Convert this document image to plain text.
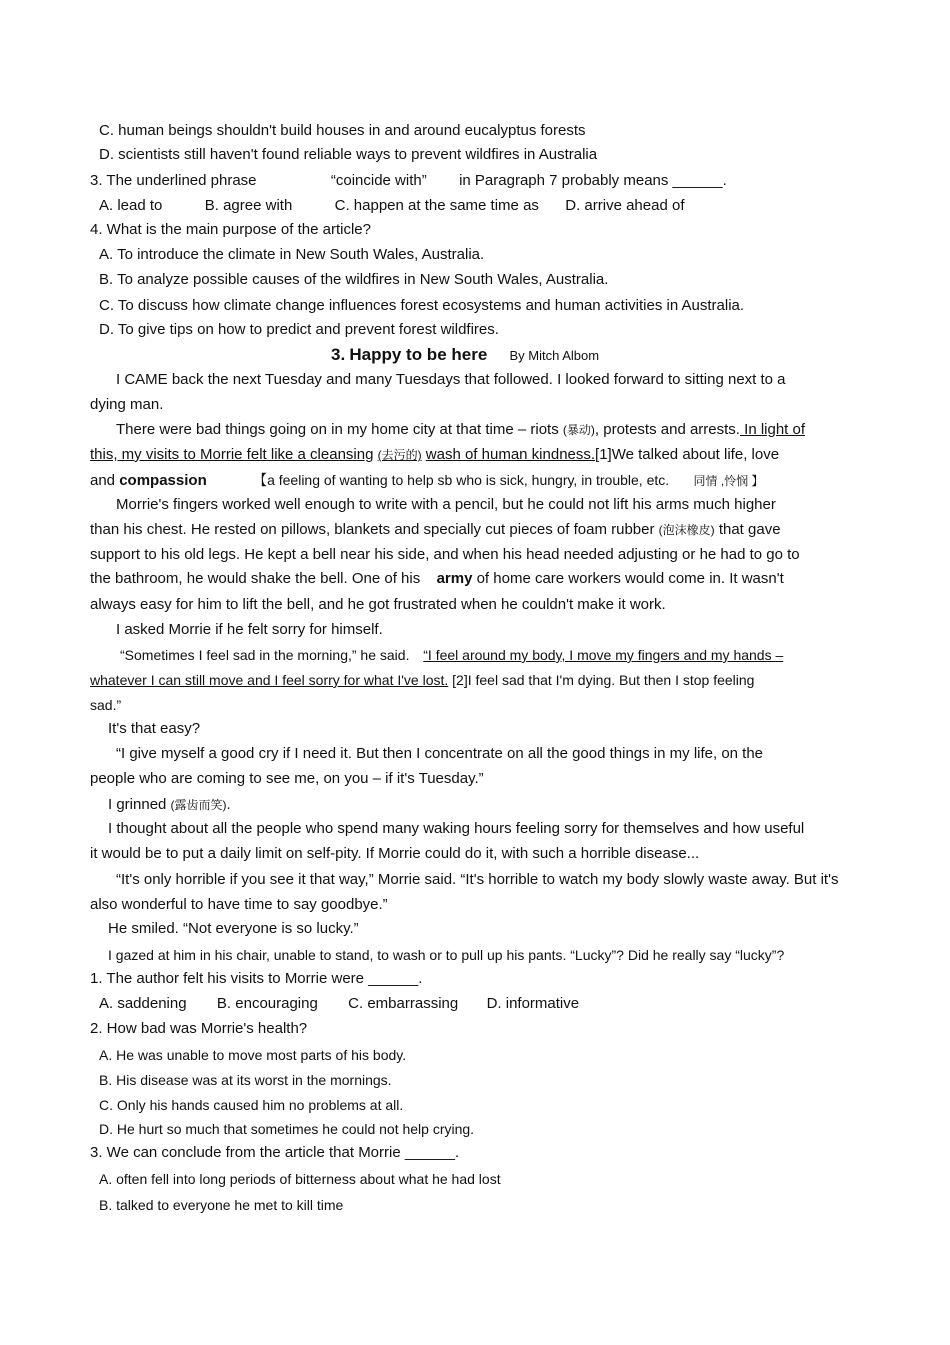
C. human beings shouldn't build houses in and around eucalyptus forests
D. scientists still haven't found reliable ways to prevent wildfires in Australia
3. The underlined phrase	“coincide with” in Paragraph 7 probably means ______.
A. lead to	B. agree with	C. happen at the same time as D. arrive ahead of
4. What is the main purpose of the article?
A. To introduce the climate in New South Wales, Australia.
B. To analyze possible causes of the wildfires in New South Wales, Australia.
C. To discuss how climate change influences forest ecosystems and human activities in Australia.
D. To give tips on how to predict and prevent forest wildfires.
3. Happy to be here By Mitch Albom
I CAME back the next Tuesday and many Tuesdays that followed. I looked forward to sitting next to a
dying man.
There were bad things going on in my home city at that time – riots (暴动), protests and arrests. In light of
this, my visits to Morrie felt like a cleansing (去污的) wash of human kindness.[1]We talked about life, love
and compassion	【a feeling of wanting to help sb who is sick, hungry, in trouble, etc. 同情 ,怜悯 】
Morrie's fingers worked well enough to write with a pencil, but he could not lift his arms much higher
than his chest. He rested on pillows, blankets and specially cut pieces of foam rubber (泡沫橡皮) that gave
support to his old legs. He kept a bell near his side, and when his head needed adjusting or he had to go to
the bathroom, he would shake the bell. One of his army of home care workers would come in. It wasn't
always easy for him to lift the bell, and he got frustrated when he couldn't make it work.
I asked Morrie if he felt sorry for himself.
“Sometimes I feel sad in the morning,” he said. “I feel around my body, I move my fingers and my hands –
whatever I can still move and I feel sorry for what I've lost. [2]I feel sad that I'm dying. But then I stop feeling
sad.”
It's that easy?
“I give myself a good cry if I need it. But then I concentrate on all the good things in my life, on the
people who are coming to see me, on you – if it's Tuesday.”
I grinned (露齿而笑).
I thought about all the people who spend many waking hours feeling sorry for themselves and how useful
it would be to put a daily limit on self-pity. If Morrie could do it, with such a horrible disease...
“It's only horrible if you see it that way,” Morrie said. “It's horrible to watch my body slowly waste away. But it's
also wonderful to have time to say goodbye.”
He smiled. “Not everyone is so lucky.”
I gazed at him in his chair, unable to stand, to wash or to pull up his pants. “Lucky”? Did he really say “lucky”?
1. The author felt his visits to Morrie were ______.
A. saddening B. encouraging C. embarrassing D. informative
2. How bad was Morrie's health?
A. He was unable to move most parts of his body.
B. His disease was at its worst in the mornings.
C. Only his hands caused him no problems at all.
D. He hurt so much that sometimes he could not help crying.
3. We can conclude from the article that Morrie ______.
A. often fell into long periods of bitterness about what he had lost
B. talked to everyone he met to kill time
